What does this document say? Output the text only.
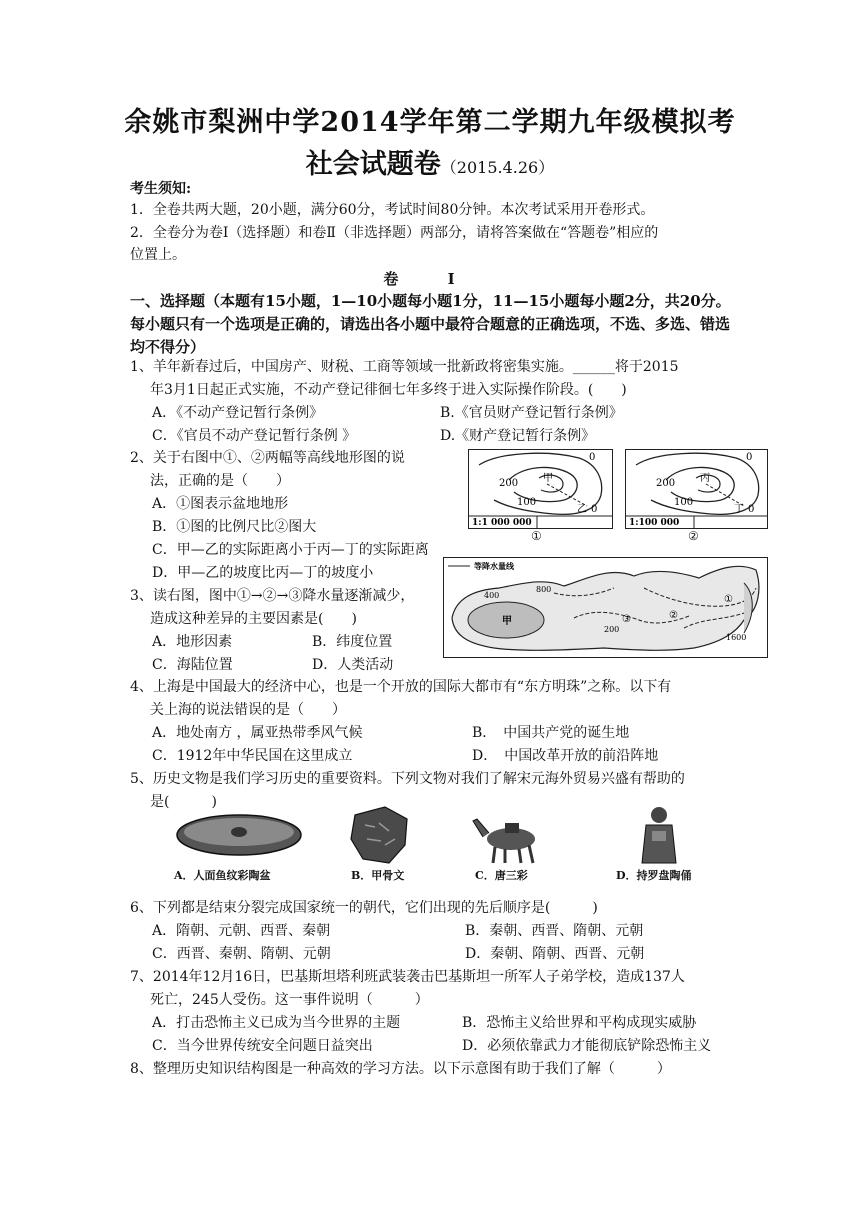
余姚市梨洲中学2014学年第二学期九年级模拟考
社会试题卷（2015.4.26）
考生须知:
1．全卷共两大题，20小题，满分60分，考试时间80分钟。本次考试采用开卷形式。
2．全卷分为卷Ⅰ（选择题）和卷Ⅱ（非选择题）两部分，请将答案做在“答题卷”相应的
位置上。
卷 Ⅰ
一、选择题（本题有15小题，1—10小题每小题1分，11—15小题每小题2分，共20分。
每小题只有一个选项是正确的，请选出各小题中最符合题意的正确选项，不选、多选、错选
均不得分）
1、羊年新春过后，中国房产、财税、工商等领域一批新政将密集实施。______将于2015
年3月1日起正式实施，不动产登记徘徊七年多终于进入实际操作阶段。(　　)
A．《不动产登记暂行条例》	B.《官员财产登记暂行条例》
C．《官员不动产登记暂行条例 》	D.《财产登记暂行条例》
2、关于右图中①、②两幅等高线地形图的说
法，正确的是（　　）
A．①图表示盆地地形
B．①图的比例尺比②图大
C．甲—乙的实际距离小于丙—丁的实际距离
D．甲—乙的坡度比丙—丁的坡度小
甲
乙
200
100
0
0
1:1 000 000
①
丙
丁
200
100
0
0
1:100 000
②
3、读右图，图中①→②→③降水量逐渐减少，
造成这种差异的主要因素是(　　)
A．地形因素	B．纬度位置
C．海陆位置	D．人类活动
等降水量线
甲
400
800
200
1600
①
②
③
4、上海是中国最大的经济中心，也是一个开放的国际大都市有“东方明珠”之称。以下有
关上海的说法错误的是（　　）
A．地处南方 ，属亚热带季风气候	B．　中国共产党的诞生地
C．1912年中华民国在这里成立	D．　中国改革开放的前沿阵地
5、历史文物是我们学习历史的重要资料。下列文物对我们了解宋元海外贸易兴盛有帮助的
是(　　　)
A．人面鱼纹彩陶盆	B．甲骨文	C．唐三彩	D．持罗盘陶俑
6、下列都是结束分裂完成国家统一的朝代，它们出现的先后顺序是(　　　)
A．隋朝、元朝、西晋、秦朝	B．秦朝、西晋、隋朝、元朝
C．西晋、秦朝、隋朝、元朝	D．秦朝、隋朝、西晋、元朝
7、2014年12月16日，巴基斯坦塔利班武装袭击巴基斯坦一所军人子弟学校，造成137人
死亡，245人受伤。这一事件说明（　　　）
A．打击恐怖主义已成为当今世界的主题	B．恐怖主义给世界和平构成现实威胁
C．当今世界传统安全问题日益突出	D．必须依靠武力才能彻底铲除恐怖主义
8、整理历史知识结构图是一种高效的学习方法。以下示意图有助于我们了解（　　　）
